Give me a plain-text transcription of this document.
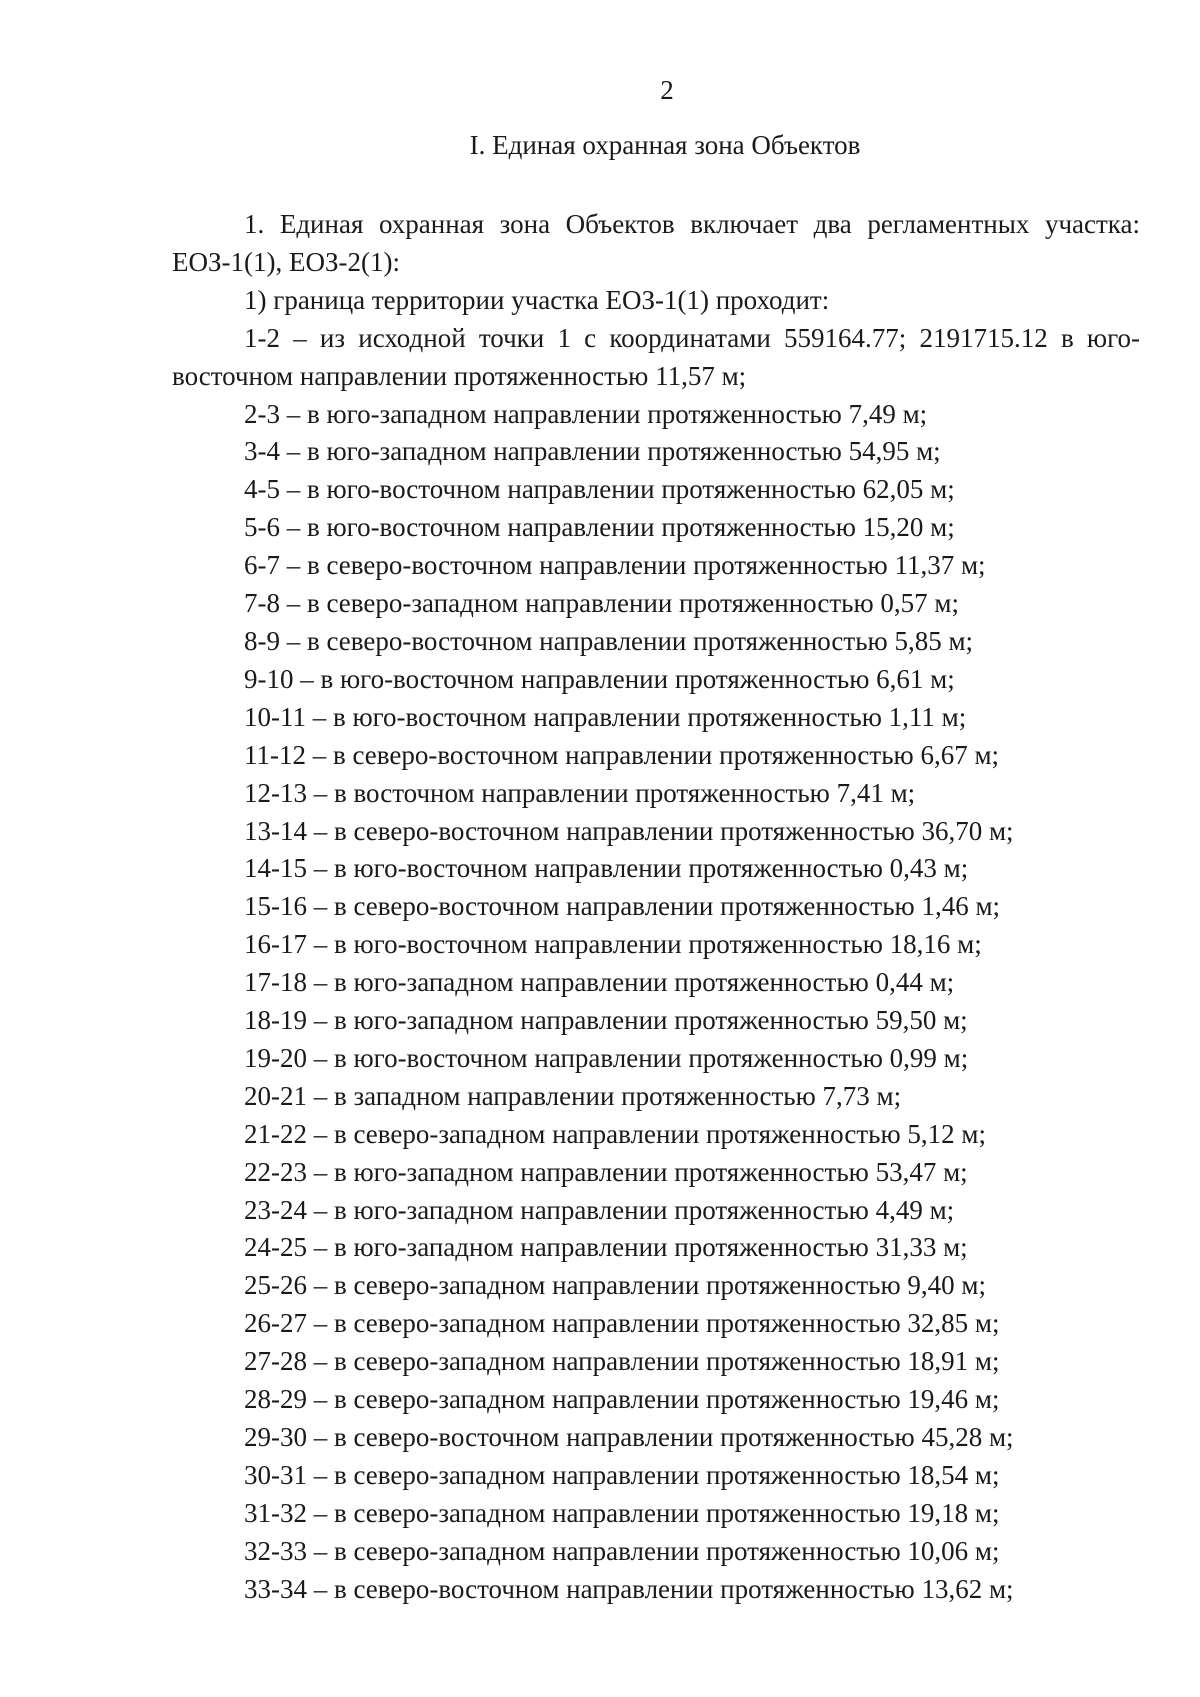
2
I. Единая охранная зона Объектов

1. Единая охранная зона Объектов включает два регламентных участка: ЕОЗ-1(1), ЕОЗ-2(1):

1) граница территории участка ЕОЗ-1(1) проходит:

1-2 – из исходной точки 1 с координатами 559164.77; 2191715.12 в юго-восточном направлении протяженностью 11,57 м;

2-3 – в юго-западном направлении протяженностью 7,49 м;

3-4 – в юго-западном направлении протяженностью 54,95 м;

4-5 – в юго-восточном направлении протяженностью 62,05 м;

5-6 – в юго-восточном направлении протяженностью 15,20 м;

6-7 – в северо-восточном направлении протяженностью 11,37 м;

7-8 – в северо-западном направлении протяженностью 0,57 м;

8-9 – в северо-восточном направлении протяженностью 5,85 м;

9-10 – в юго-восточном направлении протяженностью 6,61 м;

10-11 – в юго-восточном направлении протяженностью 1,11 м;

11-12 – в северо-восточном направлении протяженностью 6,67 м;

12-13 – в восточном направлении протяженностью 7,41 м;

13-14 – в северо-восточном направлении протяженностью 36,70 м;

14-15 – в юго-восточном направлении протяженностью 0,43 м;

15-16 – в северо-восточном направлении протяженностью 1,46 м;

16-17 – в юго-восточном направлении протяженностью 18,16 м;

17-18 – в юго-западном направлении протяженностью 0,44 м;

18-19 – в юго-западном направлении протяженностью 59,50 м;

19-20 – в юго-восточном направлении протяженностью 0,99 м;

20-21 – в западном направлении протяженностью 7,73 м;

21-22 – в северо-западном направлении протяженностью 5,12 м;

22-23 – в юго-западном направлении протяженностью 53,47 м;

23-24 – в юго-западном направлении протяженностью 4,49 м;

24-25 – в юго-западном направлении протяженностью 31,33 м;

25-26 – в северо-западном направлении протяженностью 9,40 м;

26-27 – в северо-западном направлении протяженностью 32,85 м;

27-28 – в северо-западном направлении протяженностью 18,91 м;

28-29 – в северо-западном направлении протяженностью 19,46 м;

29-30 – в северо-восточном направлении протяженностью 45,28 м;

30-31 – в северо-западном направлении протяженностью 18,54 м;

31-32 – в северо-западном направлении протяженностью 19,18 м;

32-33 – в северо-западном направлении протяженностью 10,06 м;

33-34 – в северо-восточном направлении протяженностью 13,62 м;
